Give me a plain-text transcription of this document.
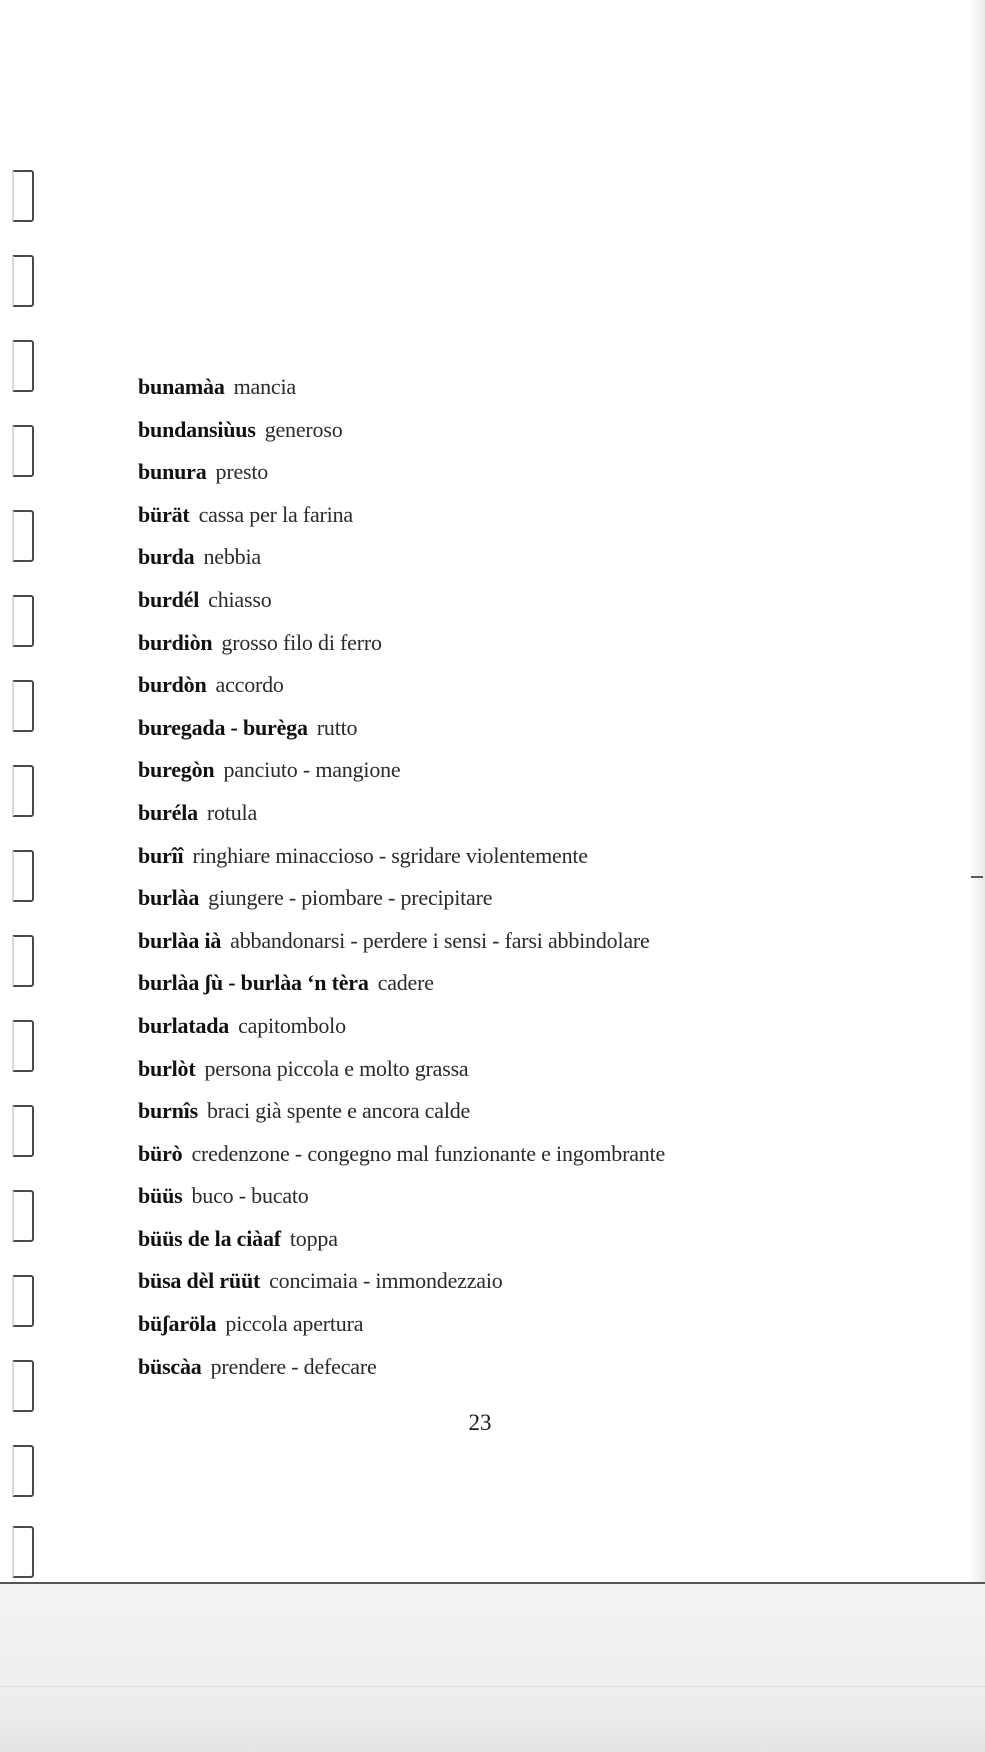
bunamàa mancia
bundansiùus generoso
bunura presto
bürät cassa per la farina
burda nebbia
burdél chiasso
burdiòn grosso filo di ferro
burdòn accordo
buregada - burèga rutto
buregòn panciuto - mangione
buréla rotula
burîî ringhiare minaccioso - sgridare violentemente
burlàa giungere - piombare - precipitare
burlàa ià abbandonarsi - perdere i sensi - farsi abbindolare
burlàa ʃù - burlàa ‘n tèra cadere
burlatada capitombolo
burlòt persona piccola e molto grassa
burnîs braci già spente e ancora calde
bürò credenzone - congegno mal funzionante e ingombrante
büüs buco - bucato
büüs de la ciàaf toppa
büsa dèl rüüt concimaia - immondezzaio
büʃaröla piccola apertura
büscàa prendere - defecare
23
